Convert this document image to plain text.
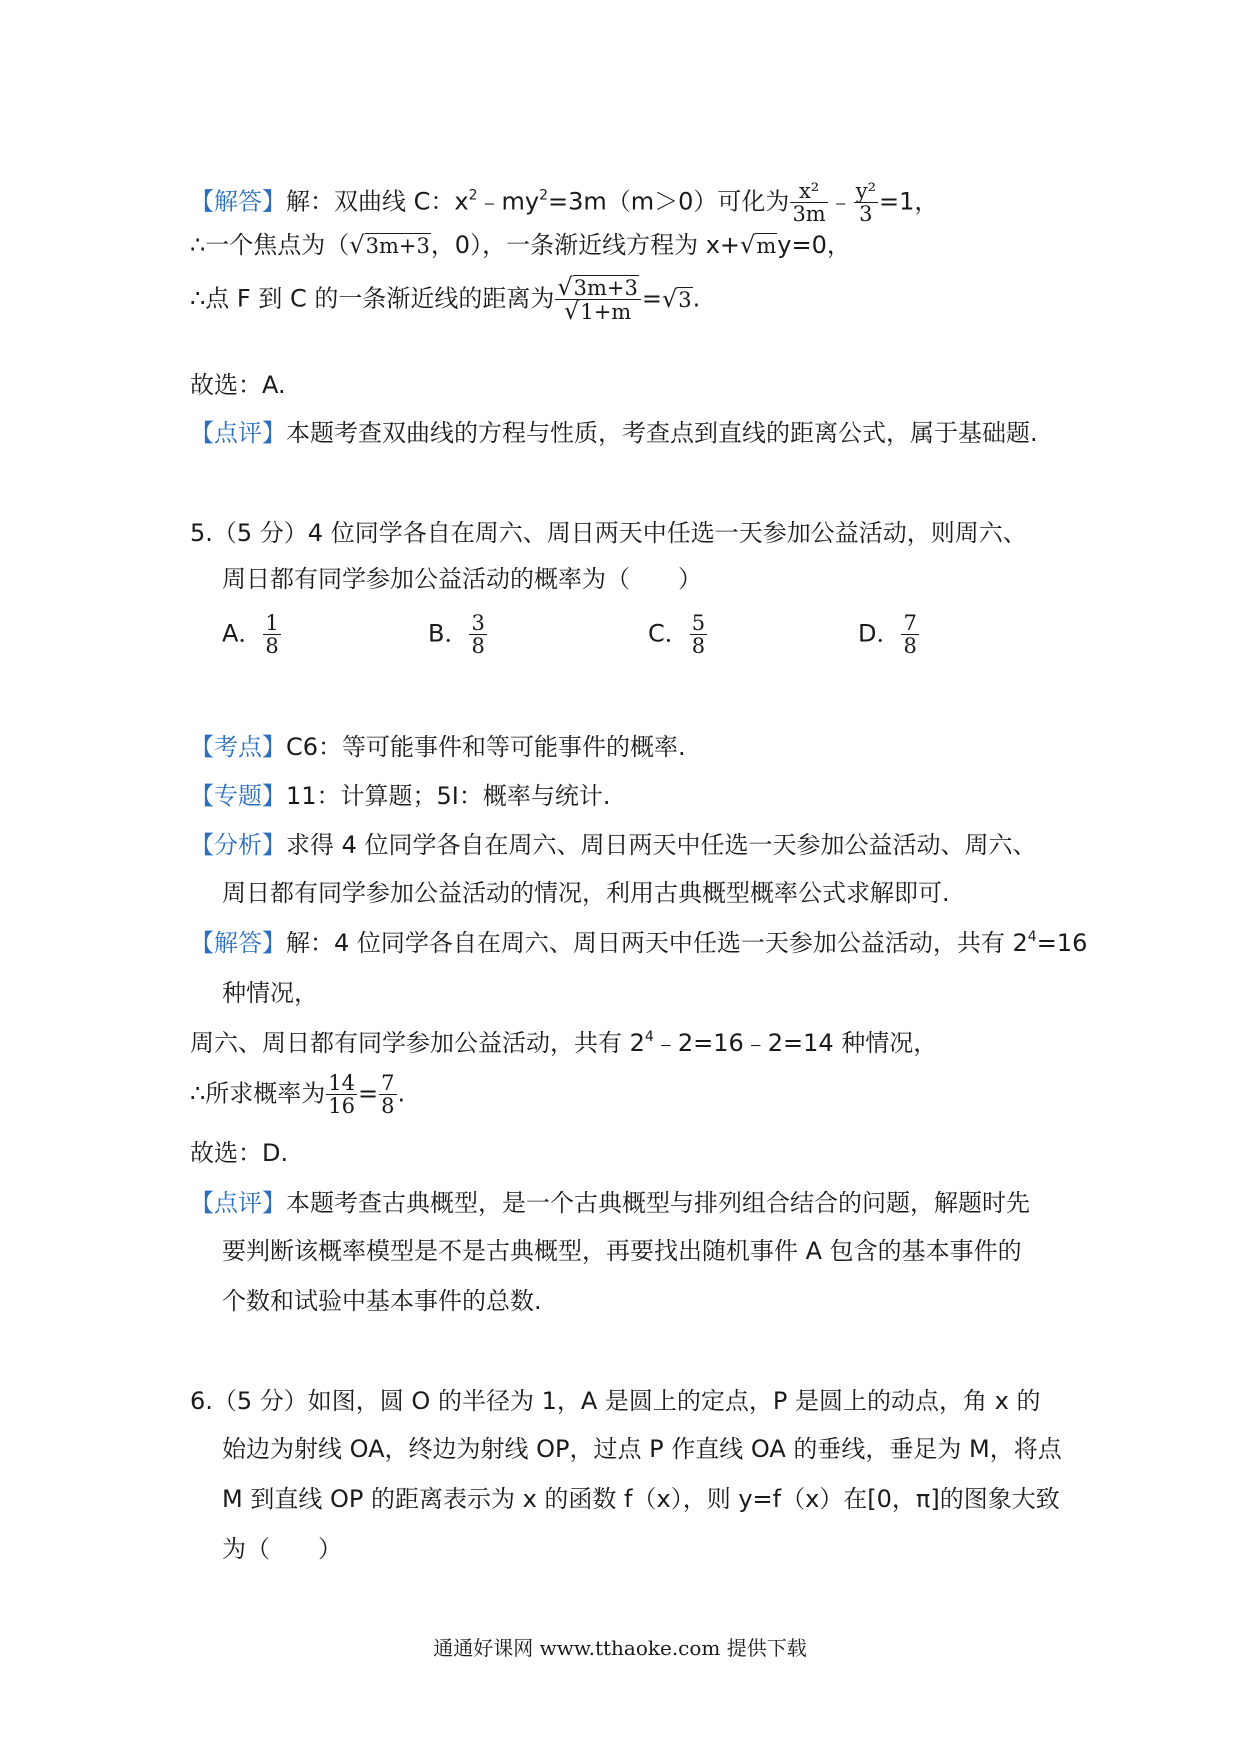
【解答】解：双曲线 C：$x^2﹣my^2=3m(m>0)$可化为 $\frac{\text{x²}}{3m}$ ﹣ $\frac{\text{y²}}{3} =1$，
∴一个焦点为（√3m+3，0），一条渐近线方程为 x+√my=0，
∴点 F 到 C 的一条渐近线的距离为 $\frac{√3m+3}{√1+m} =√3$.
故选：A.
【点评】本题考查双曲线的方程与性质，考查点到直线的距离公式，属于基础题.
5.（5 分）4 位同学各自在周六、周日两天中任选一天参加公益活动，则周六、
周日都有同学参加公益活动的概率为（　　）
A． $\frac{1}{8}$	B． $\frac{3}{8}$	C． $\frac{5}{8}$	D． $\frac{7}{8}$
【考点】C6：等可能事件和等可能事件的概率.
【专题】11：计算题；5I：概率与统计.
【分析】求得 4 位同学各自在周六、周日两天中任选一天参加公益活动、周六、
周日都有同学参加公益活动的情况，利用古典概型概率公式求解即可.
【解答】解：4 位同学各自在周六、周日两天中任选一天参加公益活动，共有 $2^4=16$
种情况，
周六、周日都有同学参加公益活动，共有 $2^4﹣2=16﹣2=14$ 种情况，
∴所求概率为 $\frac{14}{16} = \frac{7}{8}$ .
故选：D.
【点评】本题考查古典概型，是一个古典概型与排列组合结合的问题，解题时先
要判断该概率模型是不是古典概型，再要找出随机事件 A 包含的基本事件的
个数和试验中基本事件的总数.
6.（5 分）如图，圆 O 的半径为 1，A 是圆上的定点，P 是圆上的动点，角 x 的
始边为射线 OA，终边为射线 OP，过点 P 作直线 OA 的垂线，垂足为 M，将点
M 到直线 OP 的距离表示为 x 的函数 f（x），则 y=f（x）在[0，π]的图象大致
为（　　）
通通好课网 www.tthaoke.com 提供下载
